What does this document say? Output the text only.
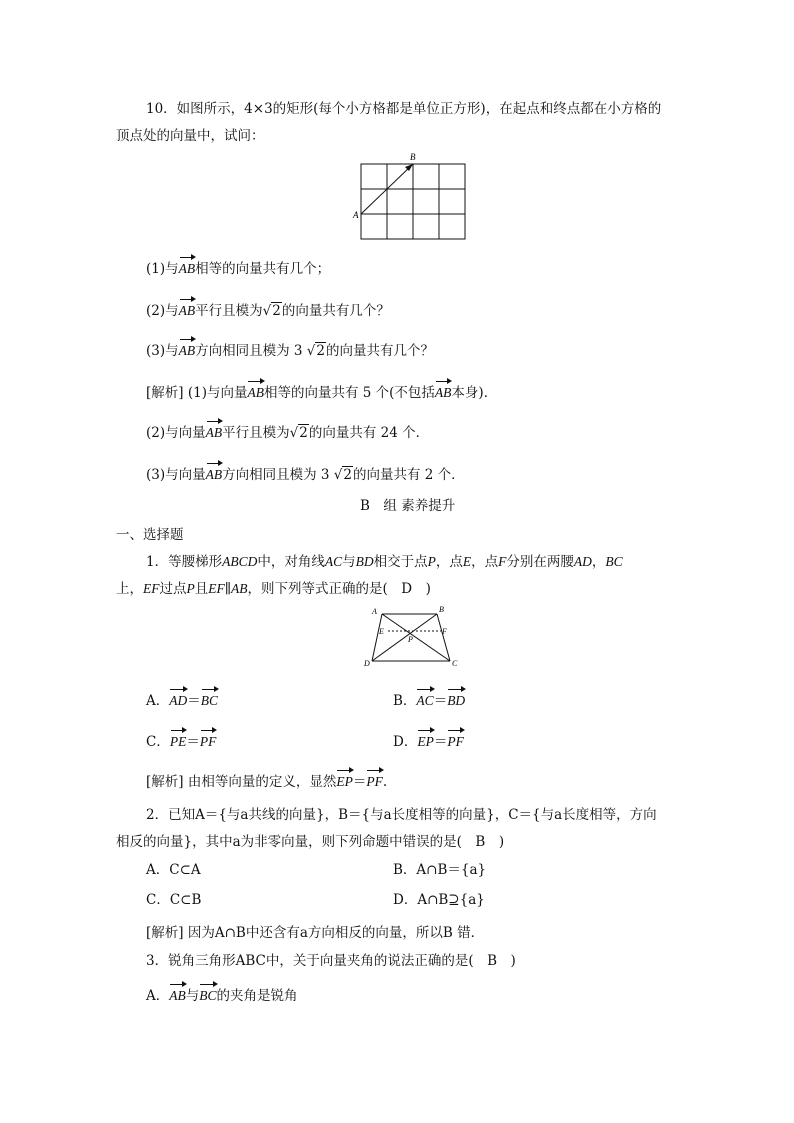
10．如图所示，4×3的矩形(每个小方格都是单位正方形)，在起点和终点都在小方格的
顶点处的向量中，试问：
A
B
(1)与AB相等的向量共有几个；
(2)与AB平行且模为√2的向量共有几个？
(3)与AB方向相同且模为 3 √2的向量共有几个？
[解析] (1)与向量AB相等的向量共有 5 个(不包括AB本身)．
(2)与向量AB平行且模为√2的向量共有 24 个．
(3)与向量AB方向相同且模为 3 √2的向量共有 2 个．
B　组 素养提升
一、选择题
1．等腰梯形ABCD中，对角线AC与BD相交于点P，点E，点F分别在两腰AD，BC
上，EF过点P且EF∥AB，则下列等式正确的是(　D　)
A	B
C
D
E	F
P
A．AD＝BC	B．AC＝BD
C．PE＝PF	D．EP＝PF
[解析] 由相等向量的定义，显然EP＝PF.
2．已知A＝{与a共线的向量}，B＝{与a长度相等的向量}，C＝{与a长度相等，方向
相反的向量}，其中a为非零向量，则下列命题中错误的是(　B　)
A．C⊂A	B．A∩B＝{a}
C．C⊂B	D．A∩B⊇{a}
[解析] 因为A∩B中还含有a方向相反的向量，所以B 错．
3．锐角三角形ABC中，关于向量夹角的说法正确的是(　B　)
A．AB与BC的夹角是锐角
